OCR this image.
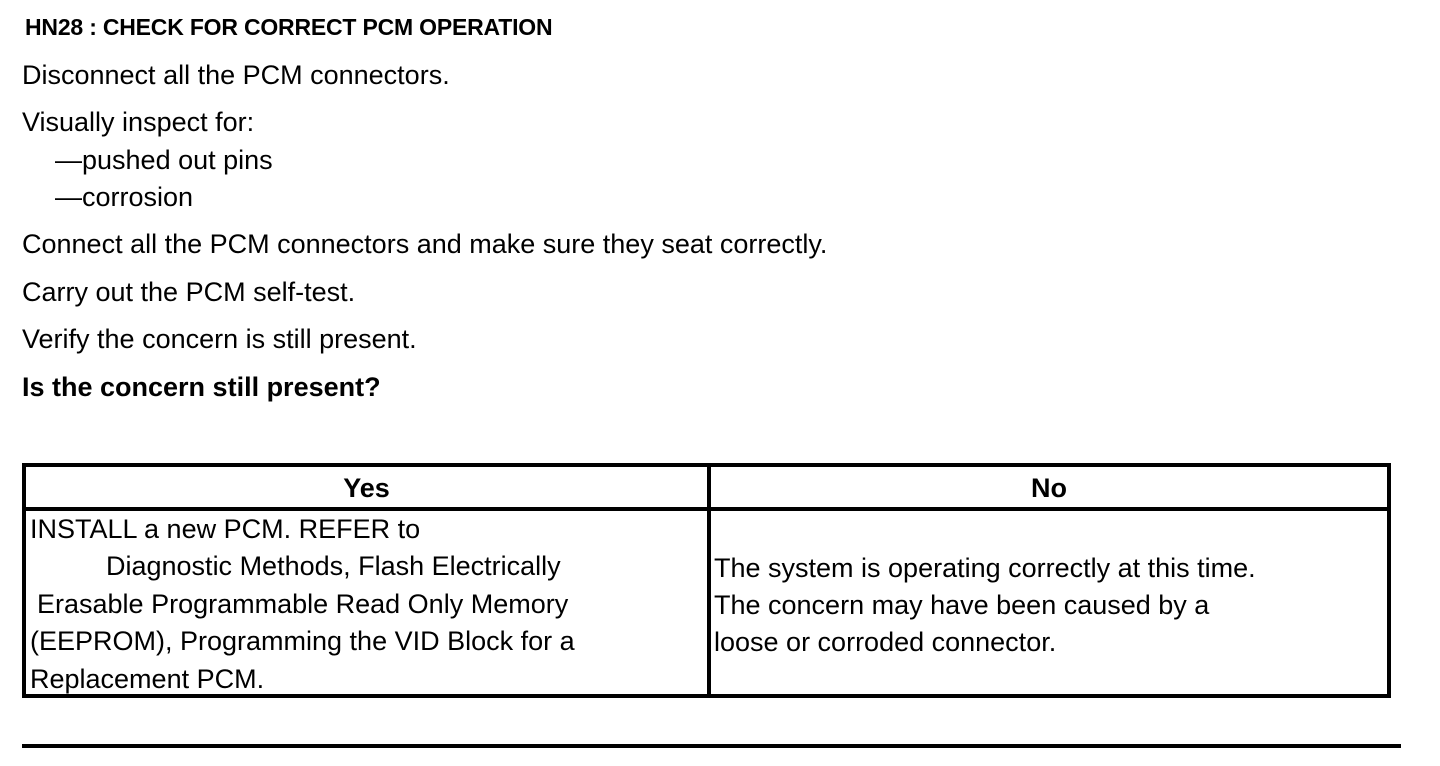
HN28 : CHECK FOR CORRECT PCM OPERATION
Disconnect all the PCM connectors.
Visually inspect for:
—pushed out pins
—corrosion
Connect all the PCM connectors and make sure they seat correctly.
Carry out the PCM self-test.
Verify the concern is still present.
Is the concern still present?
Yes	No
INSTALL a new PCM. REFER to
Diagnostic Methods, Flash Electrically
Erasable Programmable Read Only Memory
(EEPROM), Programming the VID Block for a
Replacement PCM.
The system is operating correctly at this time.
The concern may have been caused by a
loose or corroded connector.
